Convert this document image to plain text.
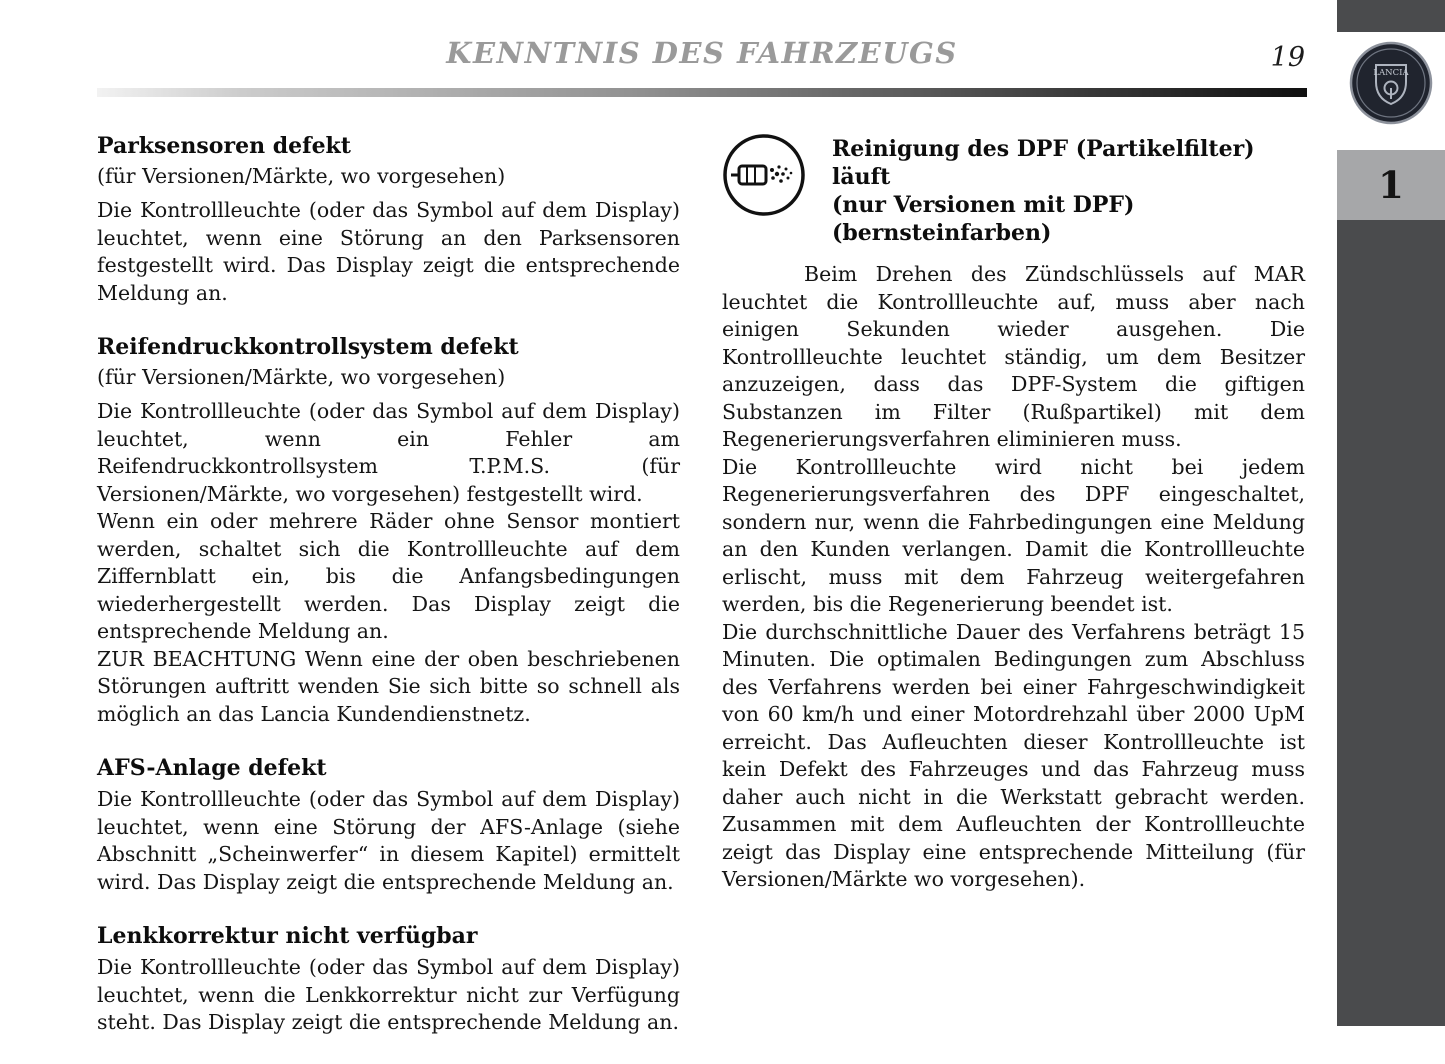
LANCIA
1
KENNTNIS DES FAHRZEUGS	19
Parksensoren defekt

(für Versionen/Märkte, wo vorgesehen)

Die Kontrollleuchte (oder das Symbol auf dem Display) leuchtet, wenn eine Störung an den Parksensoren festgestellt wird. Das Display zeigt die entsprechende Meldung an.

Reifendruckkontrollsystem defekt

(für Versionen/Märkte, wo vorgesehen)

Die Kontrollleuchte (oder das Symbol auf dem Display) leuchtet, wenn ein Fehler am Reifendruckkontrollsystem T.P.M.S. (für Versionen/Märkte, wo vorgesehen) festgestellt wird.

Wenn ein oder mehrere Räder ohne Sensor montiert werden, schaltet sich die Kontrollleuchte auf dem Ziffernblatt ein, bis die Anfangsbedingungen wiederhergestellt werden. Das Display zeigt die entsprechende Meldung an.

ZUR BEACHTUNG Wenn eine der oben beschriebenen Störungen auftritt wenden Sie sich bitte so schnell als möglich an das Lancia Kundendienstnetz.

AFS-Anlage defekt

Die Kontrollleuchte (oder das Symbol auf dem Display) leuchtet, wenn eine Störung der AFS-Anlage (siehe Abschnitt „Scheinwerfer“ in diesem Kapitel) ermittelt wird. Das Display zeigt die entsprechende Meldung an.

Lenkkorrektur nicht verfügbar

Die Kontrollleuchte (oder das Symbol auf dem Display) leuchtet, wenn die Lenkkorrektur nicht zur Verfügung steht. Das Display zeigt die entsprechende Meldung an.

Reinigung des DPF (Partikelfilter) läuft
(nur Versionen mit DPF)
(bernsteinfarben)

Beim Drehen des Zündschlüssels auf MAR leuchtet die Kontrollleuchte auf, muss aber nach einigen Sekunden wieder ausgehen. Die Kontrollleuchte leuchtet ständig, um dem Besitzer anzuzeigen, dass das DPF-System die giftigen Substanzen im Filter (Rußpartikel) mit dem Regenerierungsverfahren eliminieren muss.

Die Kontrollleuchte wird nicht bei jedem Regenerierungsverfahren des DPF eingeschaltet, sondern nur, wenn die Fahrbedingungen eine Meldung an den Kunden verlangen. Damit die Kontrollleuchte erlischt, muss mit dem Fahrzeug weitergefahren werden, bis die Regenerierung beendet ist.

Die durchschnittliche Dauer des Verfahrens beträgt 15 Minuten. Die optimalen Bedingungen zum Abschluss des Verfahrens werden bei einer Fahrgeschwindigkeit von 60 km/h und einer Motordrehzahl über 2000 UpM erreicht. Das Aufleuchten dieser Kontrollleuchte ist kein Defekt des Fahrzeuges und das Fahrzeug muss daher auch nicht in die Werkstatt gebracht werden. Zusammen mit dem Aufleuchten der Kontrollleuchte zeigt das Display eine entsprechende Mitteilung (für Versionen/Märkte wo vorgesehen).
